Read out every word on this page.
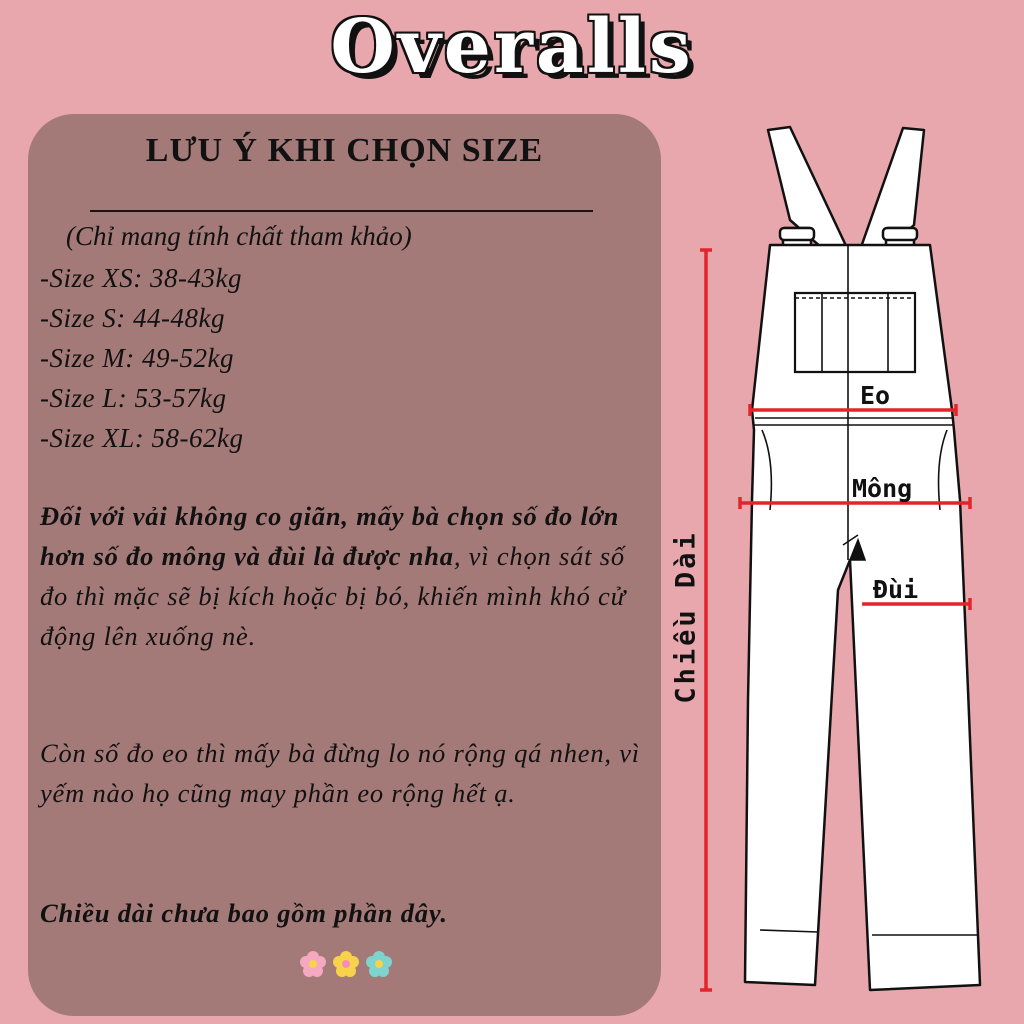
Overalls
LƯU Ý KHI CHỌN SIZE
(Chỉ mang tính chất tham khảo)
-Size XS: 38-43kg
-Size S: 44-48kg
-Size M: 49-52kg
-Size L: 53-57kg
-Size XL: 58-62kg
Đối với vải không co giãn, mấy bà chọn số đo lớn hơn số đo mông và đùi là được nha, vì chọn sát số đo thì mặc sẽ bị kích hoặc bị bó, khiến mình khó cử động lên xuống nè.
Còn số đo eo thì mấy bà đừng lo nó rộng qá nhen, vì yếm nào họ cũng may phần eo rộng hết ạ.
Chiều dài chưa bao gồm phần dây.
Eo
Mông
Đùi
Chiều Dài
